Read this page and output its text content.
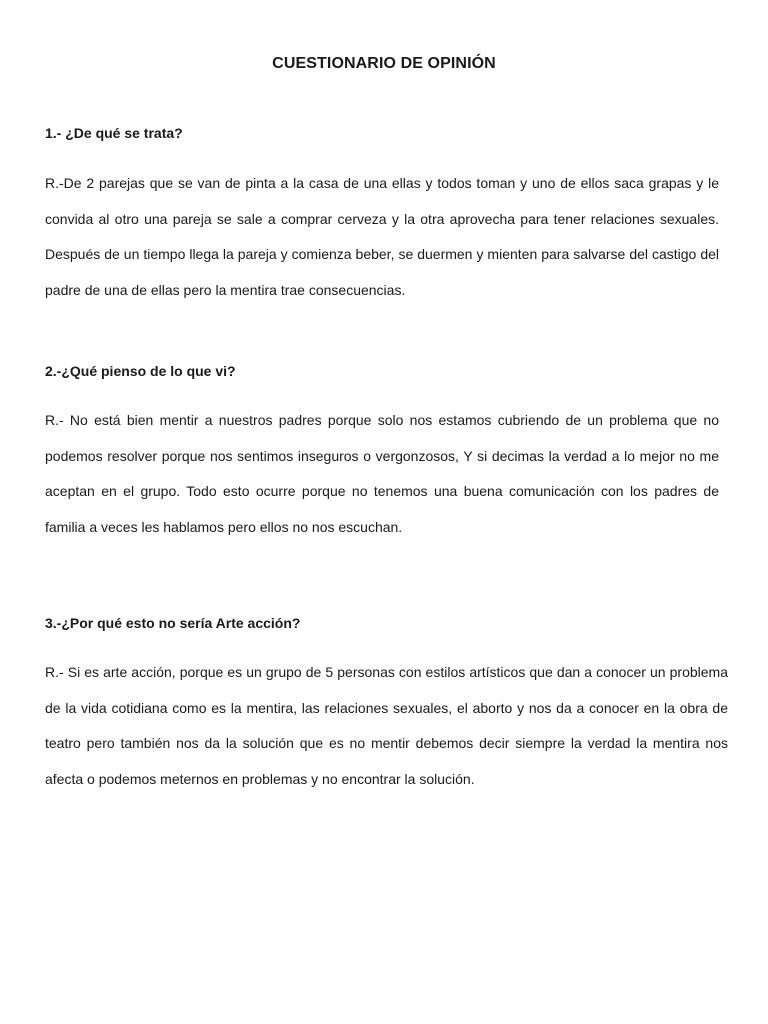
CUESTIONARIO DE OPINIÓN
1.- ¿De qué se trata?

R.-De 2 parejas que se van de pinta a la casa de una ellas y todos toman y uno de ellos saca grapas y le convida al otro una pareja se sale a comprar cerveza y la otra aprovecha para tener relaciones sexuales. Después de un tiempo llega la pareja y comienza beber, se duermen y mienten para salvarse del castigo del padre de una de ellas pero la mentira trae consecuencias.

2.-¿Qué pienso de lo que vi?

R.- No está bien mentir a nuestros padres porque solo nos estamos cubriendo de un problema que no podemos resolver porque nos sentimos inseguros o vergonzosos, Y si decimas la verdad a lo mejor no me aceptan en el grupo. Todo esto ocurre porque no tenemos una buena comunicación con los padres de familia a veces les hablamos pero ellos no nos escuchan.

3.-¿Por qué esto no sería Arte acción?

R.- Si es arte acción, porque es un grupo de 5 personas con estilos artísticos que dan a conocer un problema de la vida cotidiana como es la mentira, las relaciones sexuales, el aborto y nos da a conocer en la obra de teatro pero también nos da la solución que es no mentir debemos decir siempre la verdad la mentira nos afecta o podemos meternos en problemas y no encontrar la solución.
